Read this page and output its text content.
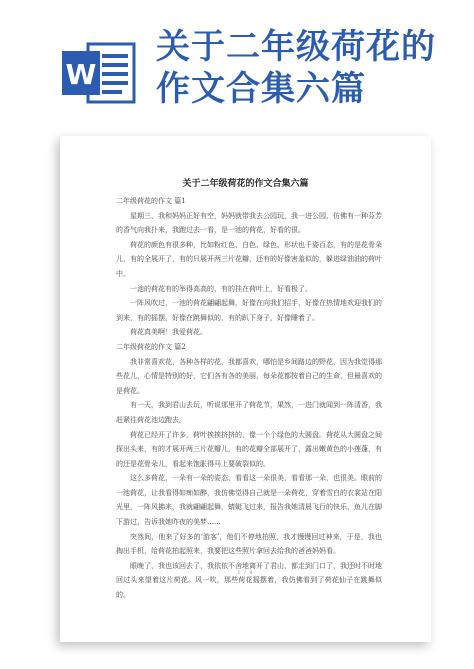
W
关于二年级荷花的
作文合集六篇
关于二年级荷花的作文合集六篇

二年级荷花的作文 篇1

星期三，我和妈妈正好有空，妈妈就带我去公园玩，我一进公园，仿佛有一种芬芳的香气向我扑来，我跑过去一看，是一池的荷花，好看的很。

荷花的颜色有很多种，比如粉红色、白色、绿色、形状也千姿百态，有的是花骨朵儿，有的全展开了，有的只展开两三片花瓣，还有的好像害羞似的，躲进绿油油的荷叶中。

一池的荷花有的举得高高的，有的挂在荷叶上，好看极了。

一阵风吹过，一池的荷花翩翩起舞，好像在向我们招手，好像在热情地欢迎我们的到来，有的摇摆，好像在跳舞似的，有的趴下身子，好像睡着了。

荷花真美啊！我爱荷花。

二年级荷花的作文 篇2

我非常喜欢花，各种各样的花，我都喜欢，哪怕是乡间路边的野花，因为我觉得那些花儿，心情是特别的好，它们各有各的美丽，每朵花都按着自己的生命，但最喜欢的是荷花。

有一天，我到君山去玩，听说那里开了荷花节，果然，一进门就闻到一阵清香，我赶紧往荷花池边跑去。

荷花已经开了许多，荷叶挨挨挤挤的，像一个个绿色的大圆盘。荷花从大圆盘之间探出头来，有的才展开两三片花瓣儿，有的花瓣全部展开了，露出嫩黄色的小莲蓬，有的还是花骨朵儿，看起来饱胀得马上要破裂似的。

这么多荷花，一朵有一朵的姿态，看看这一朵很美，看看那一朵，也很美。眼前的一池荷花，让我看得如痴如醉，我仿佛觉得自己就是一朵荷花，穿着雪白的衣裳站在阳光里，一阵风拂来，我就翩翩起舞，蜻蜓飞过来，报告我她清晨飞行的快乐，鱼儿在脚下游过，告诉我她昨夜的美梦……

突然间，他来了好多的‘游客’，他们不停地拍照，我才慢慢回过神来，于是，我也掏出手机，给荷花拍起照来，我要把这些照片拿回去给我的爸爸妈妈看。

眼晚了，我也该回去了，我依依不舍地离开了君山，都走到门口了，我还时不时地回过头来望着这片荷花。风一吹，那些荷花摇摆着，我仿佛看到了荷花仙子在跳舞似的。

1 / 8
